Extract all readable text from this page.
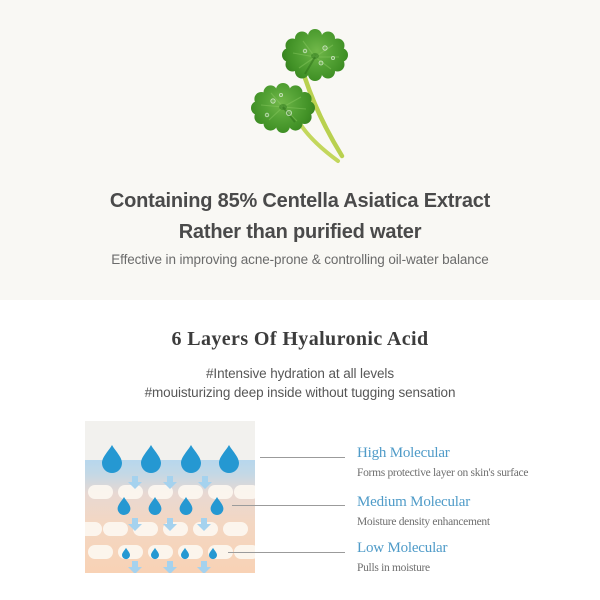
Containing 85% Centella Asiatica Extract
Rather than purified water
Effective in improving acne-prone & controlling oil-water balance
6 Layers Of Hyaluronic Acid
#Intensive hydration at all levels
#mouisturizing deep inside without tugging sensation
High Molecular
Forms protective layer on skin's surface
Medium Molecular
Moisture density enhancement
Low Molecular
Pulls in moisture
